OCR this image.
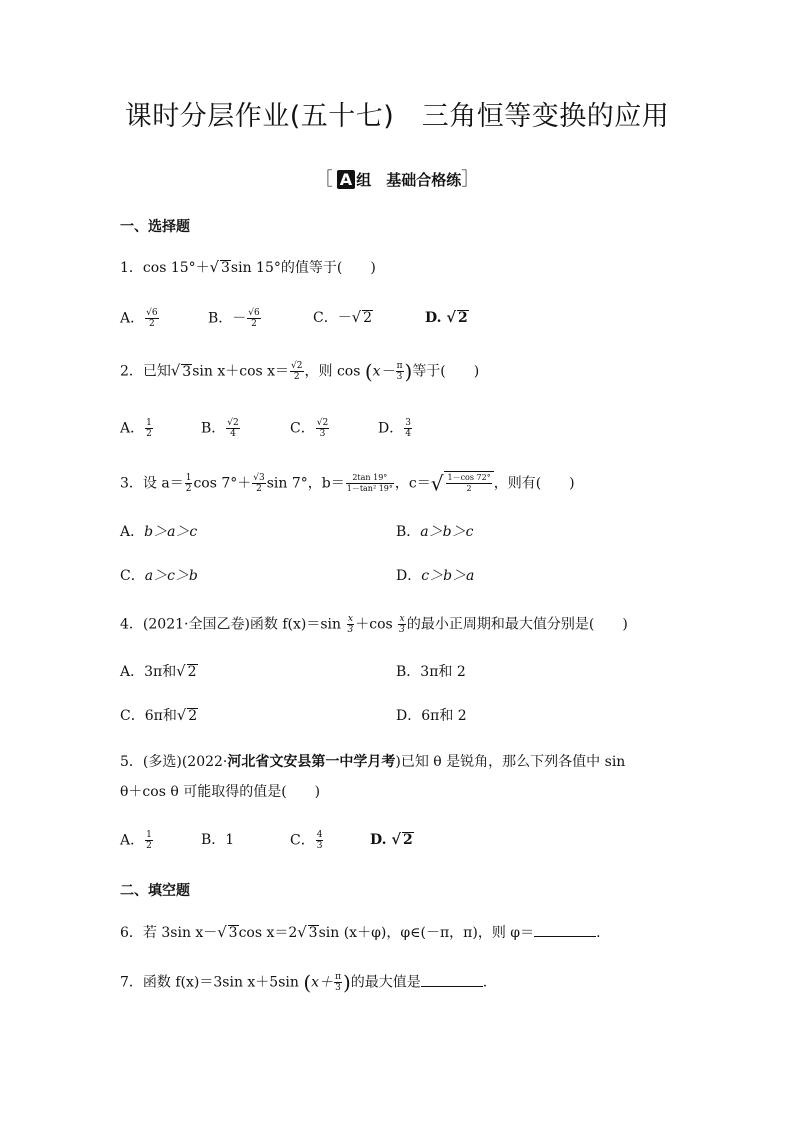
课时分层作业(五十七)　三角恒等变换的应用
［ A 组　基础合格练］
一、选择题
1．cos 15°＋√ 3sin 15°的值等于(　　)
A． $\frac{√6}{2}$	B．－ $\frac{√6}{2}$	C．－√ 2	D. √ 2
2．已知√ 3sin x＋cos $x= \frac{√2}{2}$ ，则 $\cos (x- \frac{\pi}{3}$ )等于(　　)
A． $\frac{1}{2}$	B． $\frac{√2}{4}$	C． $\frac{√2}{3}$	D． $\frac{3}{4}$
3．设 $a= \frac{1}{2}$ $\cos 7^\circ+ \frac{√3}{2}$ sin 7°，$b= \frac{2\tan 19^\circ}{\text{1－tan² 19°}}$ ，$c=√ \frac{1-\cos 72^\circ}{2}$ ，则有(　　)
A．b＞a＞c	B．a＞b＞c
C．a＞c＞b	D．c＞b＞a
4．(2021·全国乙卷)函数 $f(x)=\sin \frac{x}{3} +\cos \frac{x}{3}$ 的最小正周期和最大值分别是(　　)
A．3π和√ 2	B．3π和 2
C．6π和√ 2	D．6π和 2
5．(多选)(2022·河北省文安县第一中学月考)已知 θ 是锐角，那么下列各值中 sin
θ＋cos θ 可能取得的值是(　　)
A． $\frac{1}{2}$	B．1	C． $\frac{4}{3}$	D. √ 2
二、填空题
6．若 3sin x－√ 3cos x＝2√ 3sin (x＋φ)，φ∈(－π，π)，则 φ＝	.
7．函数 f(x)＝3sin x＋5sin ($x+ \frac{\pi}{3}$ )的最大值是	.
